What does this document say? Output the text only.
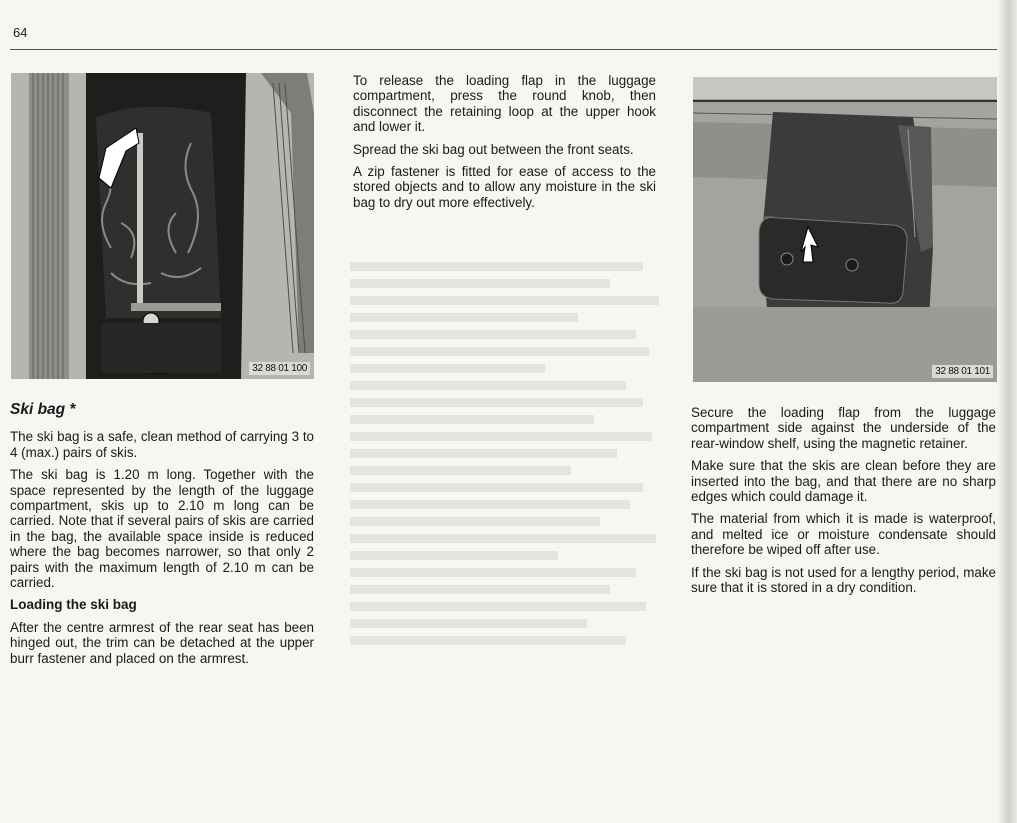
64
32 88 01 100	32 88 01 101
Ski bag *

The ski bag is a safe, clean method of carrying 3 to 4 (max.) pairs of skis.

The ski bag is 1.20 m long. Together with the space represented by the length of the luggage compartment, skis up to 2.10 m long can be carried. Note that if several pairs of skis are carried in the bag, the available space inside is reduced where the bag becomes narrower, so that only 2 pairs with the maximum length of 2.10 m can be carried.

Loading the ski bag

After the centre armrest of the rear seat has been hinged out, the trim can be detached at the upper burr fastener and placed on the armrest.

To release the loading flap in the luggage compartment, press the round knob, then disconnect the retaining loop at the upper hook and lower it.

Spread the ski bag out between the front seats.

A zip fastener is fitted for ease of access to the stored objects and to allow any moisture in the ski bag to dry out more effectively.

Secure the loading flap from the luggage compartment side against the underside of the rear-window shelf, using the magnetic retainer.

Make sure that the skis are clean before they are inserted into the bag, and that there are no sharp edges which could damage it.

The material from which it is made is waterproof, and melted ice or moisture condensate should therefore be wiped off after use.

If the ski bag is not used for a lengthy period, make sure that it is stored in a dry condition.
